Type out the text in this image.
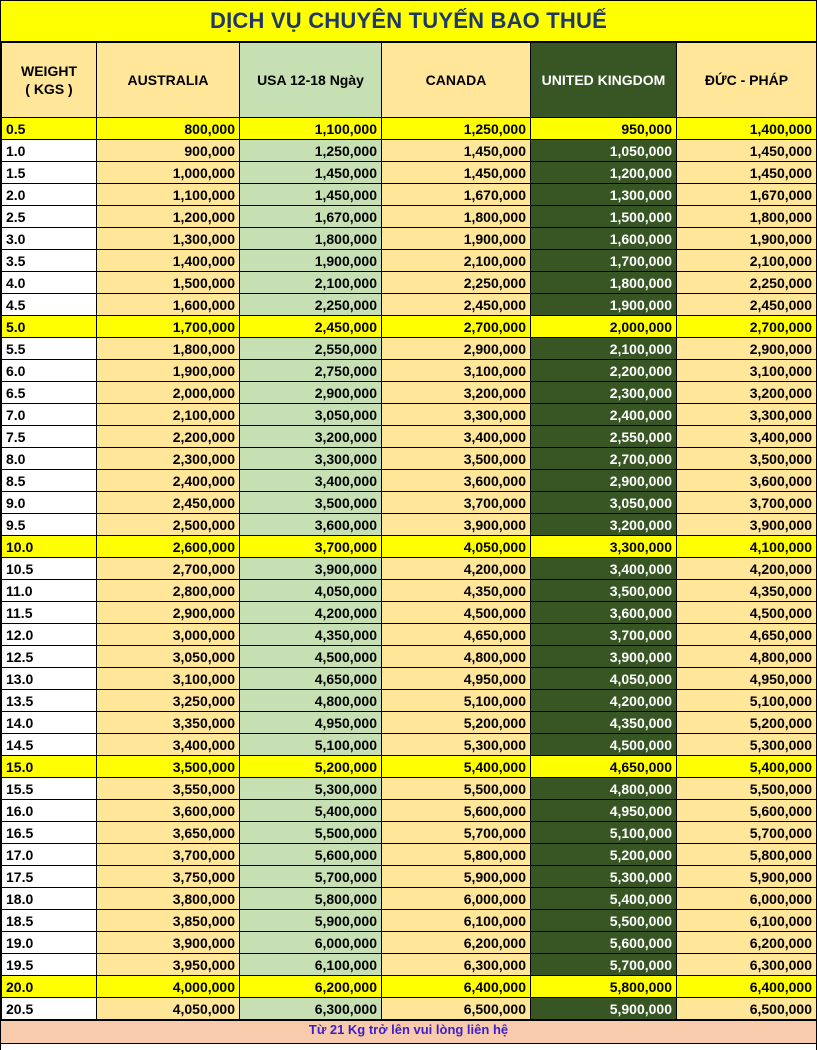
DỊCH VỤ CHUYÊN TUYẾN BAO THUẾ
WEIGHT
( KGS )	AUSTRALIA	USA 12-18 Ngày	CANADA	UNITED KINGDOM	ĐỨC - PHÁP
0.5	800,000	1,100,000	1,250,000	950,000	1,400,000
1.0	900,000	1,250,000	1,450,000	1,050,000	1,450,000
1.5	1,000,000	1,450,000	1,450,000	1,200,000	1,450,000
2.0	1,100,000	1,450,000	1,670,000	1,300,000	1,670,000
2.5	1,200,000	1,670,000	1,800,000	1,500,000	1,800,000
3.0	1,300,000	1,800,000	1,900,000	1,600,000	1,900,000
3.5	1,400,000	1,900,000	2,100,000	1,700,000	2,100,000
4.0	1,500,000	2,100,000	2,250,000	1,800,000	2,250,000
4.5	1,600,000	2,250,000	2,450,000	1,900,000	2,450,000
5.0	1,700,000	2,450,000	2,700,000	2,000,000	2,700,000
5.5	1,800,000	2,550,000	2,900,000	2,100,000	2,900,000
6.0	1,900,000	2,750,000	3,100,000	2,200,000	3,100,000
6.5	2,000,000	2,900,000	3,200,000	2,300,000	3,200,000
7.0	2,100,000	3,050,000	3,300,000	2,400,000	3,300,000
7.5	2,200,000	3,200,000	3,400,000	2,550,000	3,400,000
8.0	2,300,000	3,300,000	3,500,000	2,700,000	3,500,000
8.5	2,400,000	3,400,000	3,600,000	2,900,000	3,600,000
9.0	2,450,000	3,500,000	3,700,000	3,050,000	3,700,000
9.5	2,500,000	3,600,000	3,900,000	3,200,000	3,900,000
10.0	2,600,000	3,700,000	4,050,000	3,300,000	4,100,000
10.5	2,700,000	3,900,000	4,200,000	3,400,000	4,200,000
11.0	2,800,000	4,050,000	4,350,000	3,500,000	4,350,000
11.5	2,900,000	4,200,000	4,500,000	3,600,000	4,500,000
12.0	3,000,000	4,350,000	4,650,000	3,700,000	4,650,000
12.5	3,050,000	4,500,000	4,800,000	3,900,000	4,800,000
13.0	3,100,000	4,650,000	4,950,000	4,050,000	4,950,000
13.5	3,250,000	4,800,000	5,100,000	4,200,000	5,100,000
14.0	3,350,000	4,950,000	5,200,000	4,350,000	5,200,000
14.5	3,400,000	5,100,000	5,300,000	4,500,000	5,300,000
15.0	3,500,000	5,200,000	5,400,000	4,650,000	5,400,000
15.5	3,550,000	5,300,000	5,500,000	4,800,000	5,500,000
16.0	3,600,000	5,400,000	5,600,000	4,950,000	5,600,000
16.5	3,650,000	5,500,000	5,700,000	5,100,000	5,700,000
17.0	3,700,000	5,600,000	5,800,000	5,200,000	5,800,000
17.5	3,750,000	5,700,000	5,900,000	5,300,000	5,900,000
18.0	3,800,000	5,800,000	6,000,000	5,400,000	6,000,000
18.5	3,850,000	5,900,000	6,100,000	5,500,000	6,100,000
19.0	3,900,000	6,000,000	6,200,000	5,600,000	6,200,000
19.5	3,950,000	6,100,000	6,300,000	5,700,000	6,300,000
20.0	4,000,000	6,200,000	6,400,000	5,800,000	6,400,000
20.5	4,050,000	6,300,000	6,500,000	5,900,000	6,500,000
Từ 21 Kg trở lên vui lòng liên hệ
